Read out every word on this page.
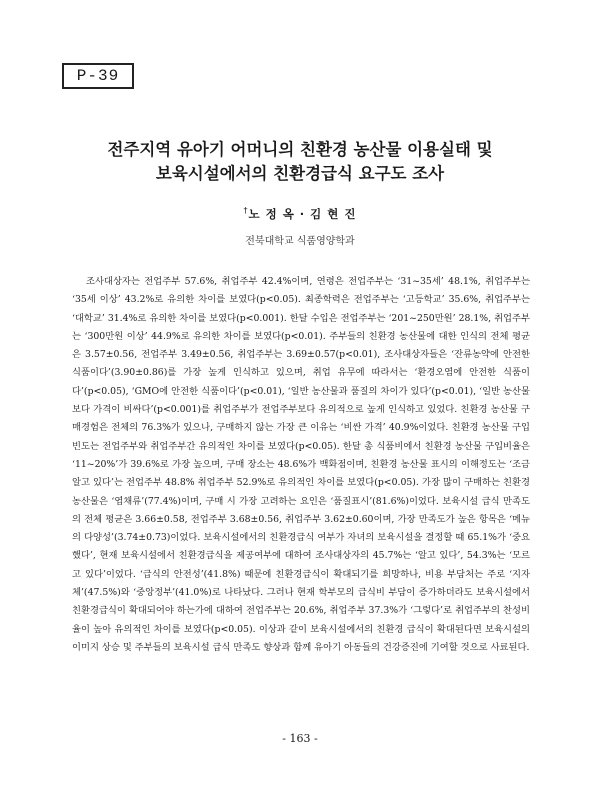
P-39
전주지역 유아기 어머니의 친환경 농산물 이용실태 및
보육시설에서의 친환경급식 요구도 조사
†노 정 옥 · 김 현 진
전북대학교 식품영양학과

조사대상자는 전업주부 57.6%, 취업주부 42.4%이며, 연령은 전업주부는 ‘31~35세’ 48.1%, 취업주부는 ‘35세 이상’ 43.2%로 유의한 차이를 보였다(p<0.05). 최종학력은 전업주부는 ‘고등학교’ 35.6%, 취업주부는 ‘대학교’ 31.4%로 유의한 차이를 보였다(p<0.001). 한달 수입은 전업주부는 ‘201~250만원’ 28.1%, 취업주부는 ‘300만원 이상’ 44.9%로 유의한 차이를 보였다(p<0.01). 주부들의 친환경 농산물에 대한 인식의 전체 평균은 3.57±0.56, 전업주부 3.49±0.56, 취업주부는 3.69±0.57(p<0.01), 조사대상자들은 ‘잔류농약에 안전한 식품이다’(3.90±0.86)를 가장 높게 인식하고 있으며, 취업 유무에 따라서는 ‘환경오염에 안전한 식품이다’(p<0.05), ‘GMO에 안전한 식품이다’(p<0.01), ‘일반 농산물과 품질의 차이가 있다’(p<0.01), ‘일반 농산물보다 가격이 비싸다’(p<0.001)를 취업주부가 전업주부보다 유의적으로 높게 인식하고 있었다. 친환경 농산물 구매경험은 전체의 76.3%가 있으나, 구매하지 않는 가장 큰 이유는 ‘비싼 가격’ 40.9%이었다. 친환경 농산물 구입 빈도는 전업주부와 취업주부간 유의적인 차이를 보였다(p<0.05). 한달 총 식품비에서 친환경 농산물 구입비율은 ‘11~20%’가 39.6%로 가장 높으며, 구매 장소는 48.6%가 백화점이며, 친환경 농산물 표시의 이해정도는 ‘조금 알고 있다’는 전업주부 48.8% 취업주부 52.9%로 유의적인 차이를 보였다(p<0.05). 가장 많이 구매하는 친환경 농산물은 ‘엽채류’(77.4%)이며, 구매 시 가장 고려하는 요인은 ‘품질표시’(81.6%)이었다. 보육시설 급식 만족도의 전체 평균은 3.66±0.58, 전업주부 3.68±0.56, 취업주부 3.62±0.60이며, 가장 만족도가 높은 항목은 ‘메뉴의 다양성’(3.74±0.73)이었다. 보육시설에서의 친환경급식 여부가 자녀의 보육시설을 결정할 때 65.1%가 ‘중요했다’, 현재 보육시설에서 친환경급식을 제공여부에 대하여 조사대상자의 45.7%는 ‘알고 있다’, 54.3%는 ‘모르고 있다’이었다. ‘급식의 안전성’(41.8%) 때문에 친환경급식이 확대되기를 희망하나, 비용 부담처는 주로 ‘지자체’(47.5%)와 ‘중앙정부’(41.0%)로 나타났다. 그러나 현재 학부모의 급식비 부담이 증가하더라도 보육시설에서 친환경급식이 확대되어야 하는가에 대하여 전업주부는 20.6%, 취업주부 37.3%가 ‘그렇다’로 취업주부의 찬성비율이 높아 유의적인 차이를 보였다(p<0.05). 이상과 같이 보육시설에서의 친환경 급식이 확대된다면 보육시설의 이미지 상승 및 주부들의 보육시설 급식 만족도 향상과 함께 유아기 아동들의 건강증진에 기여할 것으로 사료된다.

- 163 -
